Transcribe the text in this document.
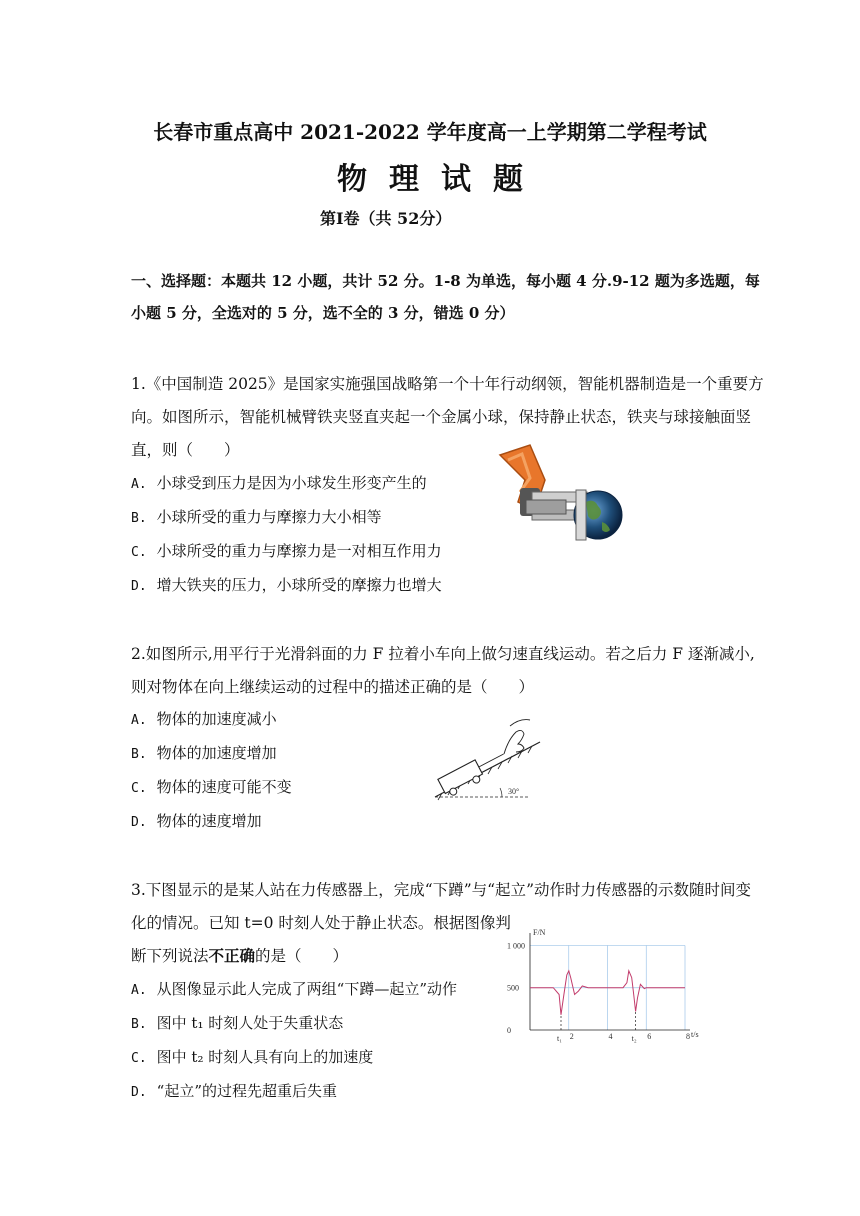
长春市重点高中 2021-2022 学年度高一上学期第二学程考试
物理试题
第Ⅰ卷（共 52分）
一、选择题：本题共 12 小题，共计 52 分。1-8 为单选，每小题 4 分.9-12 题为多选题，每
小题 5 分，全选对的 5 分，选不全的 3 分，错选 0 分）
1.《中国制造 2025》是国家实施强国战略第一个十年行动纲领，智能机器制造是一个重要方
向。如图所示，智能机械臂铁夹竖直夹起一个金属小球，保持静止状态，铁夹与球接触面竖
直，则（　　）
A. 小球受到压力是因为小球发生形变产生的
B. 小球所受的重力与摩擦力大小相等
C. 小球所受的重力与摩擦力是一对相互作用力
D. 增大铁夹的压力，小球所受的摩擦力也增大
2.如图所示,用平行于光滑斜面的力 F 拉着小车向上做匀速直线运动。若之后力 F 逐渐减小,
则对物体在向上继续运动的过程中的描述正确的是（　　）
A. 物体的加速度减小
B. 物体的加速度增加
C. 物体的速度可能不变
D. 物体的速度增加
30°
3.下图显示的是某人站在力传感器上，完成“下蹲”与“起立”动作时力传感器的示数随时间变
化的情况。已知 t=0 时刻人处于静止状态。根据图像判
断下列说法不正确的是（　　）
A. 从图像显示此人完成了两组“下蹲—起立”动作
B. 图中 t₁ 时刻人处于失重状态
C. 图中 t₂ 时刻人具有向上的加速度
D. “起立”的过程先超重后失重
F/N
t/s
1 000
500
0
2	4	6	8
t₁	t₂
